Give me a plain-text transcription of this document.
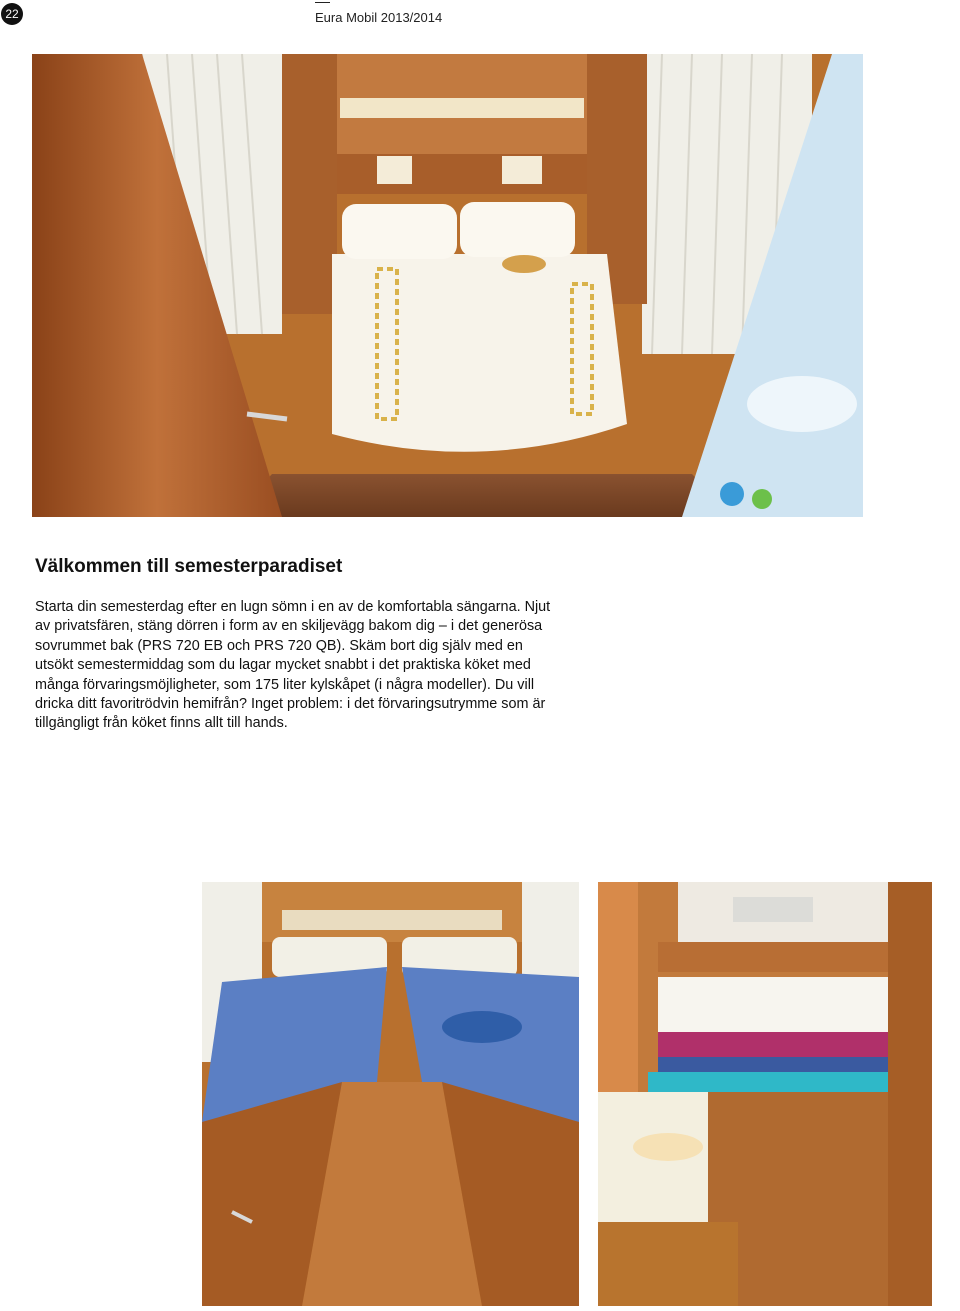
22	Eura Mobil 2013/2014
Välkommen till semesterparadiset
Starta din semesterdag efter en lugn sömn i en av de komfortabla sängarna. Njut av privatsfären, stäng dörren i form av en skiljevägg bakom dig – i det generösa sovrummet bak (PRS 720 EB och PRS 720 QB). Skäm bort dig själv med en utsökt semestermiddag som du lagar mycket snabbt i det praktiska köket med många förvaringsmöjligheter, som 175 liter kylskåpet (i några modeller). Du vill dricka ditt favoritrödvin hemifrån? Inget problem: i det förvaringsutrymme som är tillgängligt från köket finns allt till hands.
